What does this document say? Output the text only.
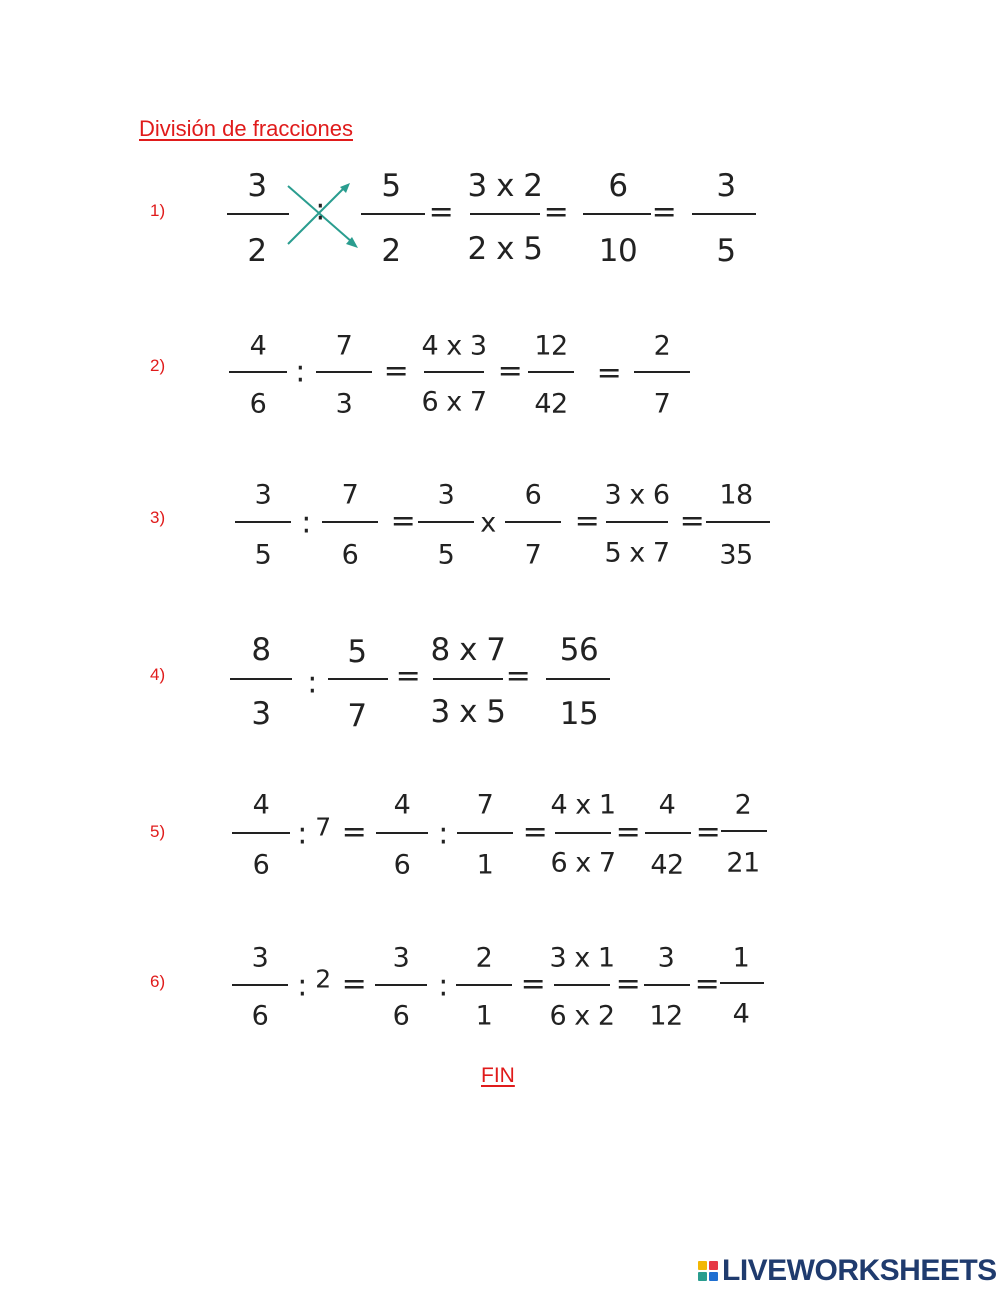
División de fracciones
1)
3
2
:
5
2
=
3 x 2
2 x 5
=
6
10
=
3
5
2)
4
6
:
7
3
=
4 x 3
6 x 7
=
12
42
=
2
7
3)
3
5
:
7
6
=
3
5
x
6
7
=
3 x 6
5 x 7
=
18
35
4)
8
3
:
5
7
=
8 x 7
3 x 5
=
56
15
5)
4
6
: 7 =
4
6
:
7
1
=
4 x 1
6 x 7
=
4
42
=
2
21
6)
3
6
: 2 =
3
6
:
2
1
=
3 x 1
6 x 2
=
3
12
=
1
4
FIN
LIVEWORKSHEETS
